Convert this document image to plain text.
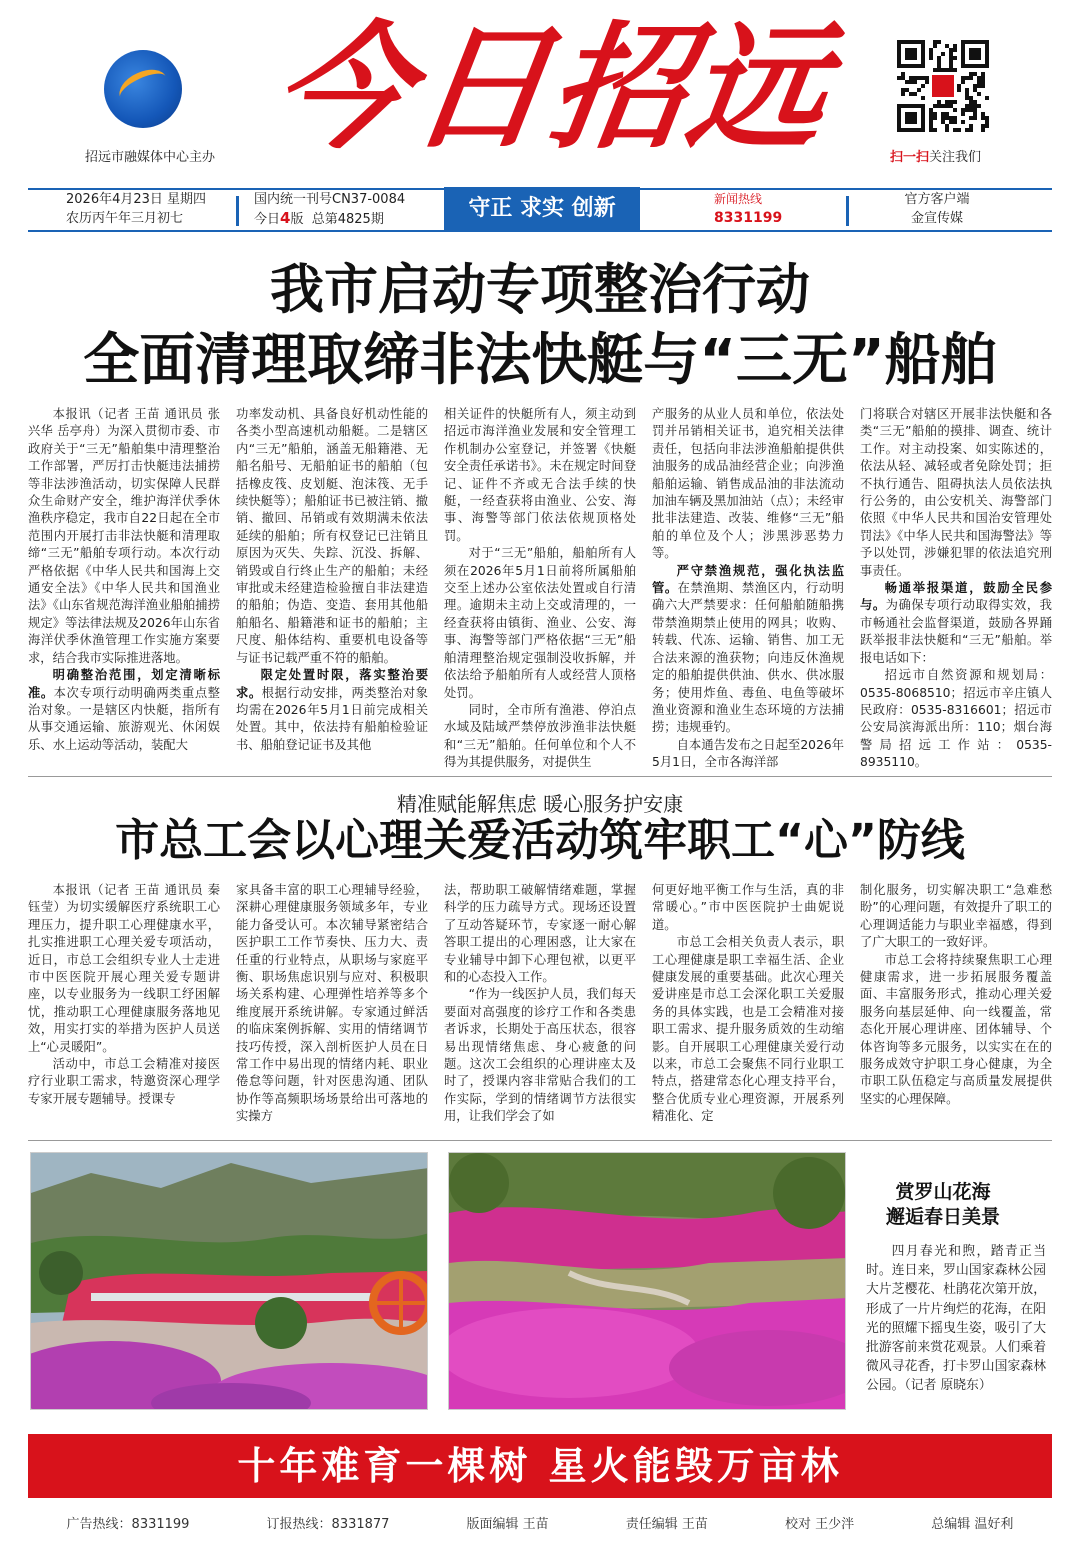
招远市融媒体中心主办 今日招远	扫一扫关注我们
2026年4月23日 星期四
农历丙午年三月初七
国内统一刊号CN37-0084
今日4版 总第4825期	守正 求实 创新	新闻热线
8331199
官方客户端
金宣传媒
我市启动专项整治行动
全面清理取缔非法快艇与“三无”船舶

本报讯（记者 王苗 通讯员 张兴华 岳亭舟）为深入贯彻市委、市政府关于“三无”船舶集中清理整治工作部署，严厉打击快艇违法捕捞等非法涉渔活动，切实保障人民群众生命财产安全，维护海洋伏季休渔秩序稳定，我市自22日起在全市范围内开展打击非法快艇和清理取缔“三无”船舶专项行动。本次行动严格依据《中华人民共和国海上交通安全法》《中华人民共和国渔业法》《山东省规范海洋渔业船舶捕捞规定》等法律法规及2026年山东省海洋伏季休渔管理工作实施方案要求，结合我市实际推进落地。

明确整治范围，划定清晰标准。本次专项行动明确两类重点整治对象。一是辖区内快艇，指所有从事交通运输、旅游观光、休闲娱乐、水上运动等活动，装配大

功率发动机、具备良好机动性能的各类小型高速机动船艇。二是辖区内“三无”船舶，涵盖无船籍港、无船名船号、无船舶证书的船舶（包括橡皮筏、皮划艇、泡沫筏、无手续快艇等）；船舶证书已被注销、撤销、撤回、吊销或有效期满未依法延续的船舶；所有权登记已注销且原因为灭失、失踪、沉没、拆解、销毁或自行终止生产的船舶；未经审批或未经建造检验擅自非法建造的船舶；伪造、变造、套用其他船舶船名、船籍港和证书的船舶；主尺度、船体结构、重要机电设备等与证书记载严重不符的船舶。

限定处置时限，落实整治要求。根据行动安排，两类整治对象均需在2026年5月1日前完成相关处置。其中，依法持有船舶检验证书、船舶登记证书及其他

相关证件的快艇所有人，须主动到招远市海洋渔业发展和安全管理工作机制办公室登记，并签署《快艇安全责任承诺书》。未在规定时间登记、证件不齐或无合法手续的快艇，一经查获将由渔业、公安、海事、海警等部门依法依规顶格处罚。

对于“三无”船舶，船舶所有人须在2026年5月1日前将所属船舶交至上述办公室依法处置或自行清理。逾期未主动上交或清理的，一经查获将由镇街、渔业、公安、海事、海警等部门严格依据“三无”船舶清理整治规定强制没收拆解，并依法给予船舶所有人或经营人顶格处罚。

同时，全市所有渔港、停泊点水域及陆域严禁停放涉渔非法快艇和“三无”船舶。任何单位和个人不得为其提供服务，对提供生

产服务的从业人员和单位，依法处罚并吊销相关证书，追究相关法律责任，包括向非法涉渔船舶提供供油服务的成品油经营企业；向涉渔船舶运输、销售成品油的非法流动加油车辆及黑加油站（点）；未经审批非法建造、改装、维修“三无”船舶的单位及个人；涉黑涉恶势力等。

严守禁渔规范，强化执法监管。在禁渔期、禁渔区内，行动明确六大严禁要求：任何船舶随船携带禁渔期禁止使用的网具；收购、转载、代冻、运输、销售、加工无合法来源的渔获物；向违反休渔规定的船舶提供供油、供水、供冰服务；使用炸鱼、毒鱼、电鱼等破坏渔业资源和渔业生态环境的方法捕捞；违规垂钓。

自本通告发布之日起至2026年5月1日，全市各海洋部

门将联合对辖区开展非法快艇和各类“三无”船舶的摸排、调查、统计工作。对主动投案、如实陈述的，依法从轻、减轻或者免除处罚；拒不执行通告、阻碍执法人员依法执行公务的，由公安机关、海警部门依照《中华人民共和国治安管理处罚法》《中华人民共和国海警法》等予以处罚，涉嫌犯罪的依法追究刑事责任。

畅通举报渠道，鼓励全民参与。为确保专项行动取得实效，我市畅通社会监督渠道，鼓励各界踊跃举报非法快艇和“三无”船舶。举报电话如下：

招远市自然资源和规划局：0535-8068510；招远市辛庄镇人民政府：0535-8316601；招远市公安局滨海派出所：110；烟台海警局招远工作站：0535-8935110。

精准赋能解焦虑 暖心服务护安康
市总工会以心理关爱活动筑牢职工“心”防线

本报讯（记者 王苗 通讯员 秦钰莹）为切实缓解医疗系统职工心理压力，提升职工心理健康水平，扎实推进职工心理关爱专项活动，近日，市总工会组织专业人士走进市中医医院开展心理关爱专题讲座，以专业服务为一线职工纾困解忧，推动职工心理健康服务落地见效，用实打实的举措为医护人员送上“心灵暖阳”。

活动中，市总工会精准对接医疗行业职工需求，特邀资深心理学专家开展专题辅导。授课专

家具备丰富的职工心理辅导经验，深耕心理健康服务领域多年，专业能力备受认可。本次辅导紧密结合医护职工工作节奏快、压力大、责任重的行业特点，从职场与家庭平衡、职场焦虑识别与应对、积极职场关系构建、心理弹性培养等多个维度展开系统讲解。专家通过鲜活的临床案例拆解、实用的情绪调节技巧传授，深入剖析医护人员在日常工作中易出现的情绪内耗、职业倦怠等问题，针对医患沟通、团队协作等高频职场场景给出可落地的实操方

法，帮助职工破解情绪难题，掌握科学的压力疏导方式。现场还设置了互动答疑环节，专家逐一耐心解答职工提出的心理困惑，让大家在专业辅导中卸下心理包袱，以更平和的心态投入工作。

“作为一线医护人员，我们每天要面对高强度的诊疗工作和各类患者诉求，长期处于高压状态，很容易出现情绪焦虑、身心疲惫的问题。这次工会组织的心理讲座太及时了，授课内容非常贴合我们的工作实际，学到的情绪调节方法很实用，让我们学会了如

何更好地平衡工作与生活，真的非常暖心。”市中医医院护士曲妮说道。

市总工会相关负责人表示，职工心理健康是职工幸福生活、企业健康发展的重要基础。此次心理关爱讲座是市总工会深化职工关爱服务的具体实践，也是工会精准对接职工需求、提升服务质效的生动缩影。自开展职工心理健康关爱行动以来，市总工会聚焦不同行业职工特点，搭建常态化心理支持平台，整合优质专业心理资源，开展系列精准化、定

制化服务，切实解决职工“急难愁盼”的心理问题，有效提升了职工的心理调适能力与职业幸福感，得到了广大职工的一致好评。

市总工会将持续聚焦职工心理健康需求，进一步拓展服务覆盖面、丰富服务形式，推动心理关爱服务向基层延伸、向一线覆盖，常态化开展心理讲座、团体辅导、个体咨询等多元服务，以实实在在的服务成效守护职工身心健康，为全市职工队伍稳定与高质量发展提供坚实的心理保障。

赏罗山花海
邂逅春日美景

四月春光和煦，踏青正当时。连日来，罗山国家森林公园大片芝樱花、杜鹃花次第开放，形成了一片片绚烂的花海，在阳光的照耀下摇曳生姿，吸引了大批游客前来赏花观景。人们乘着微风寻花香，打卡罗山国家森林公园。（记者 原晓东）

十年难育一棵树 星火能毁万亩林
广告热线：8331199	订报热线：8331877	版面编辑 王苗	责任编辑 王苗	校对 王少泮	总编辑 温好利
